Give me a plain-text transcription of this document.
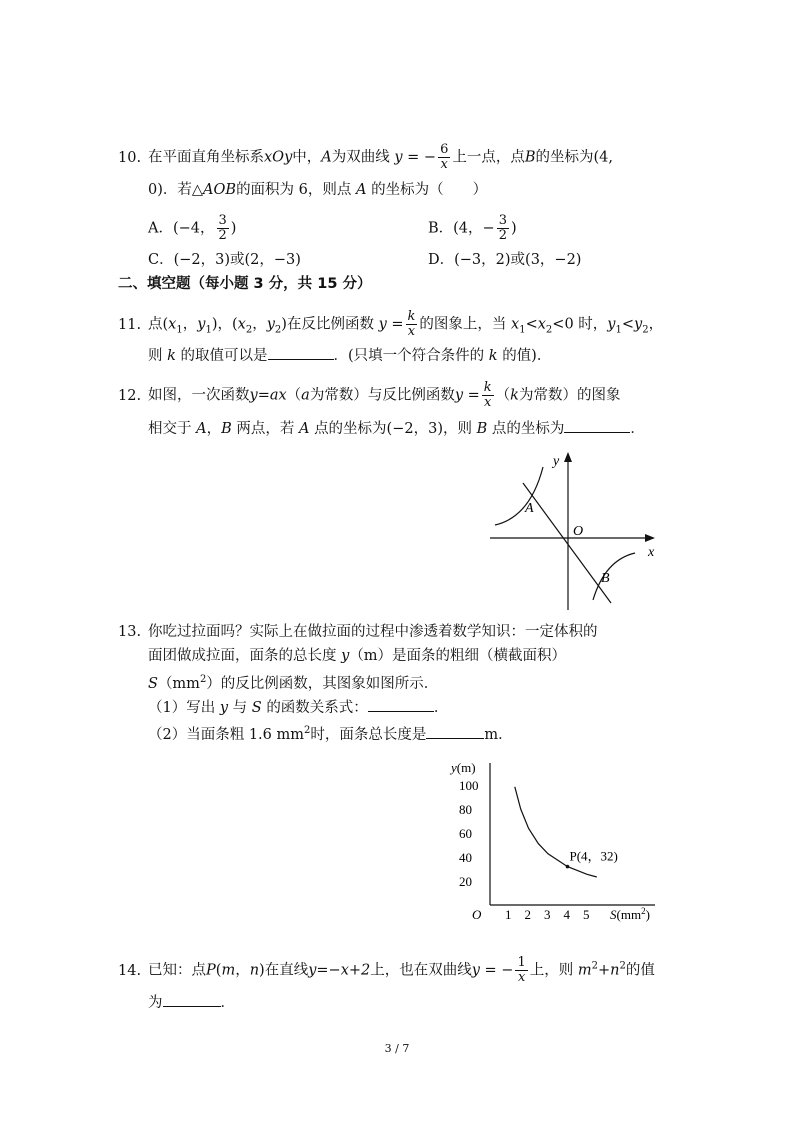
10. 在平面直角坐标系xOy中，A为双曲线 y = − $\frac{6}{x}$ 上一点，点B的坐标为(4,
0)．若△AOB的面积为 6，则点 A 的坐标为（　　）
A．(−4， $\frac{3}{2}$ )	B．(4，− $\frac{3}{2}$ )
C．(−2，3)或(2，−3)	D．(−3，2)或(3，−2)
二、填空题（每小题 3 分，共 15 分）
11. 点($x_1$，$y_1$)，($x_2$，$y_2$)在反比例函数 $y = \frac{k}{x}$ 的图象上，当 $x_1<x_2<0$ 时，$y_1<y_2$，
则 k 的取值可以是	．(只填一个符合条件的 k 的值)．
12. 如图，一次函数y=ax（a为常数）与反比例函数$y = \frac{k}{x} (k$为常数）的图象
相交于 A，B 两点，若 A 点的坐标为(−2，3)，则 B 点的坐标为	．
y
x
O
A
B
13. 你吃过拉面吗？实际上在做拉面的过程中渗透着数学知识：一定体积的
面团做成拉面，面条的总长度 y（m）是面条的粗细（横截面积）
$S(mm^2)$的反比例函数，其图象如图所示．
（1）写出 y 与 S 的函数关系式：	．
（2）当面条粗 1.6 $mm^2$时，面条总长度是	m．
y(m)
$S(mm^2)$
O
100
80
60
40
20
1 2 3 4 5
P(4，32)
14. 已知：点P(m，n)在直线y=−x+2上，也在双曲线y = − $\frac{1}{x}$ 上，则 $m^2+n^2$的值
为	．
3 / 7
